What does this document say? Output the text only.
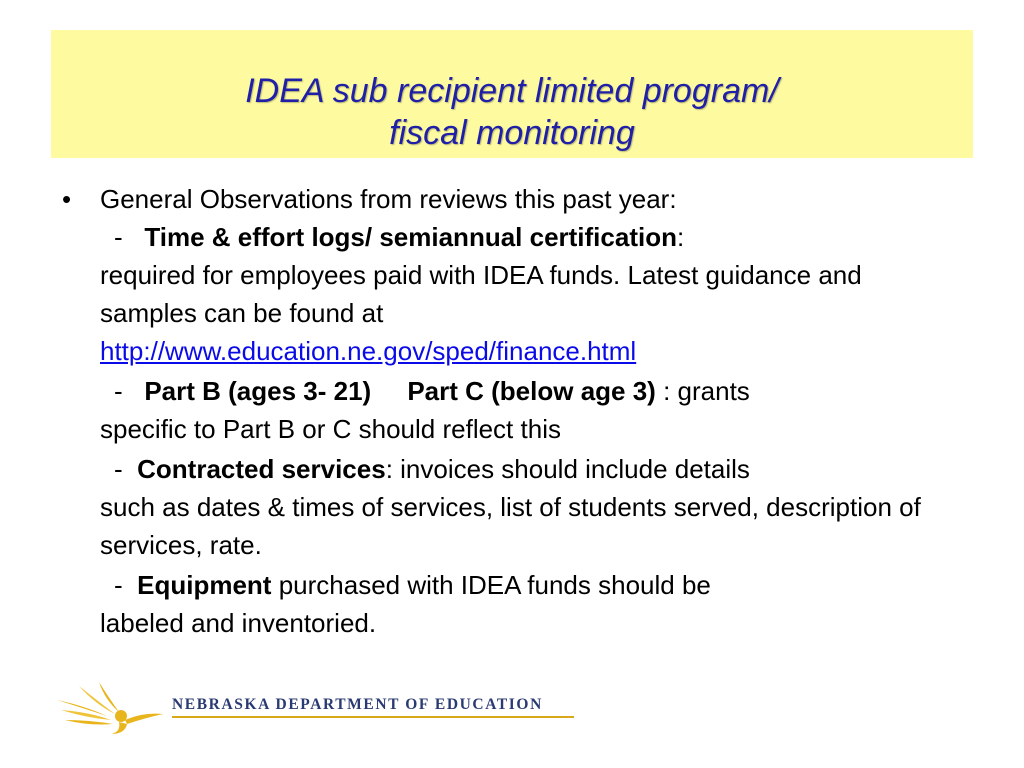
IDEA sub recipient limited program/
fiscal monitoring
•	General Observations from reviews this past year:
- Time & effort logs/ semiannual certification:
required for employees paid with IDEA funds. Latest guidance and samples can be found at
http://www.education.ne.gov/sped/finance.html
- Part B (ages 3- 21) Part C (below age 3) : grants
specific to Part B or C should reflect this
- Contracted services: invoices should include details
such as dates & times of services, list of students served, description of services, rate.
- Equipment purchased with IDEA funds should be
labeled and inventoried.
NEBRASKA DEPARTMENT OF EDUCATION
